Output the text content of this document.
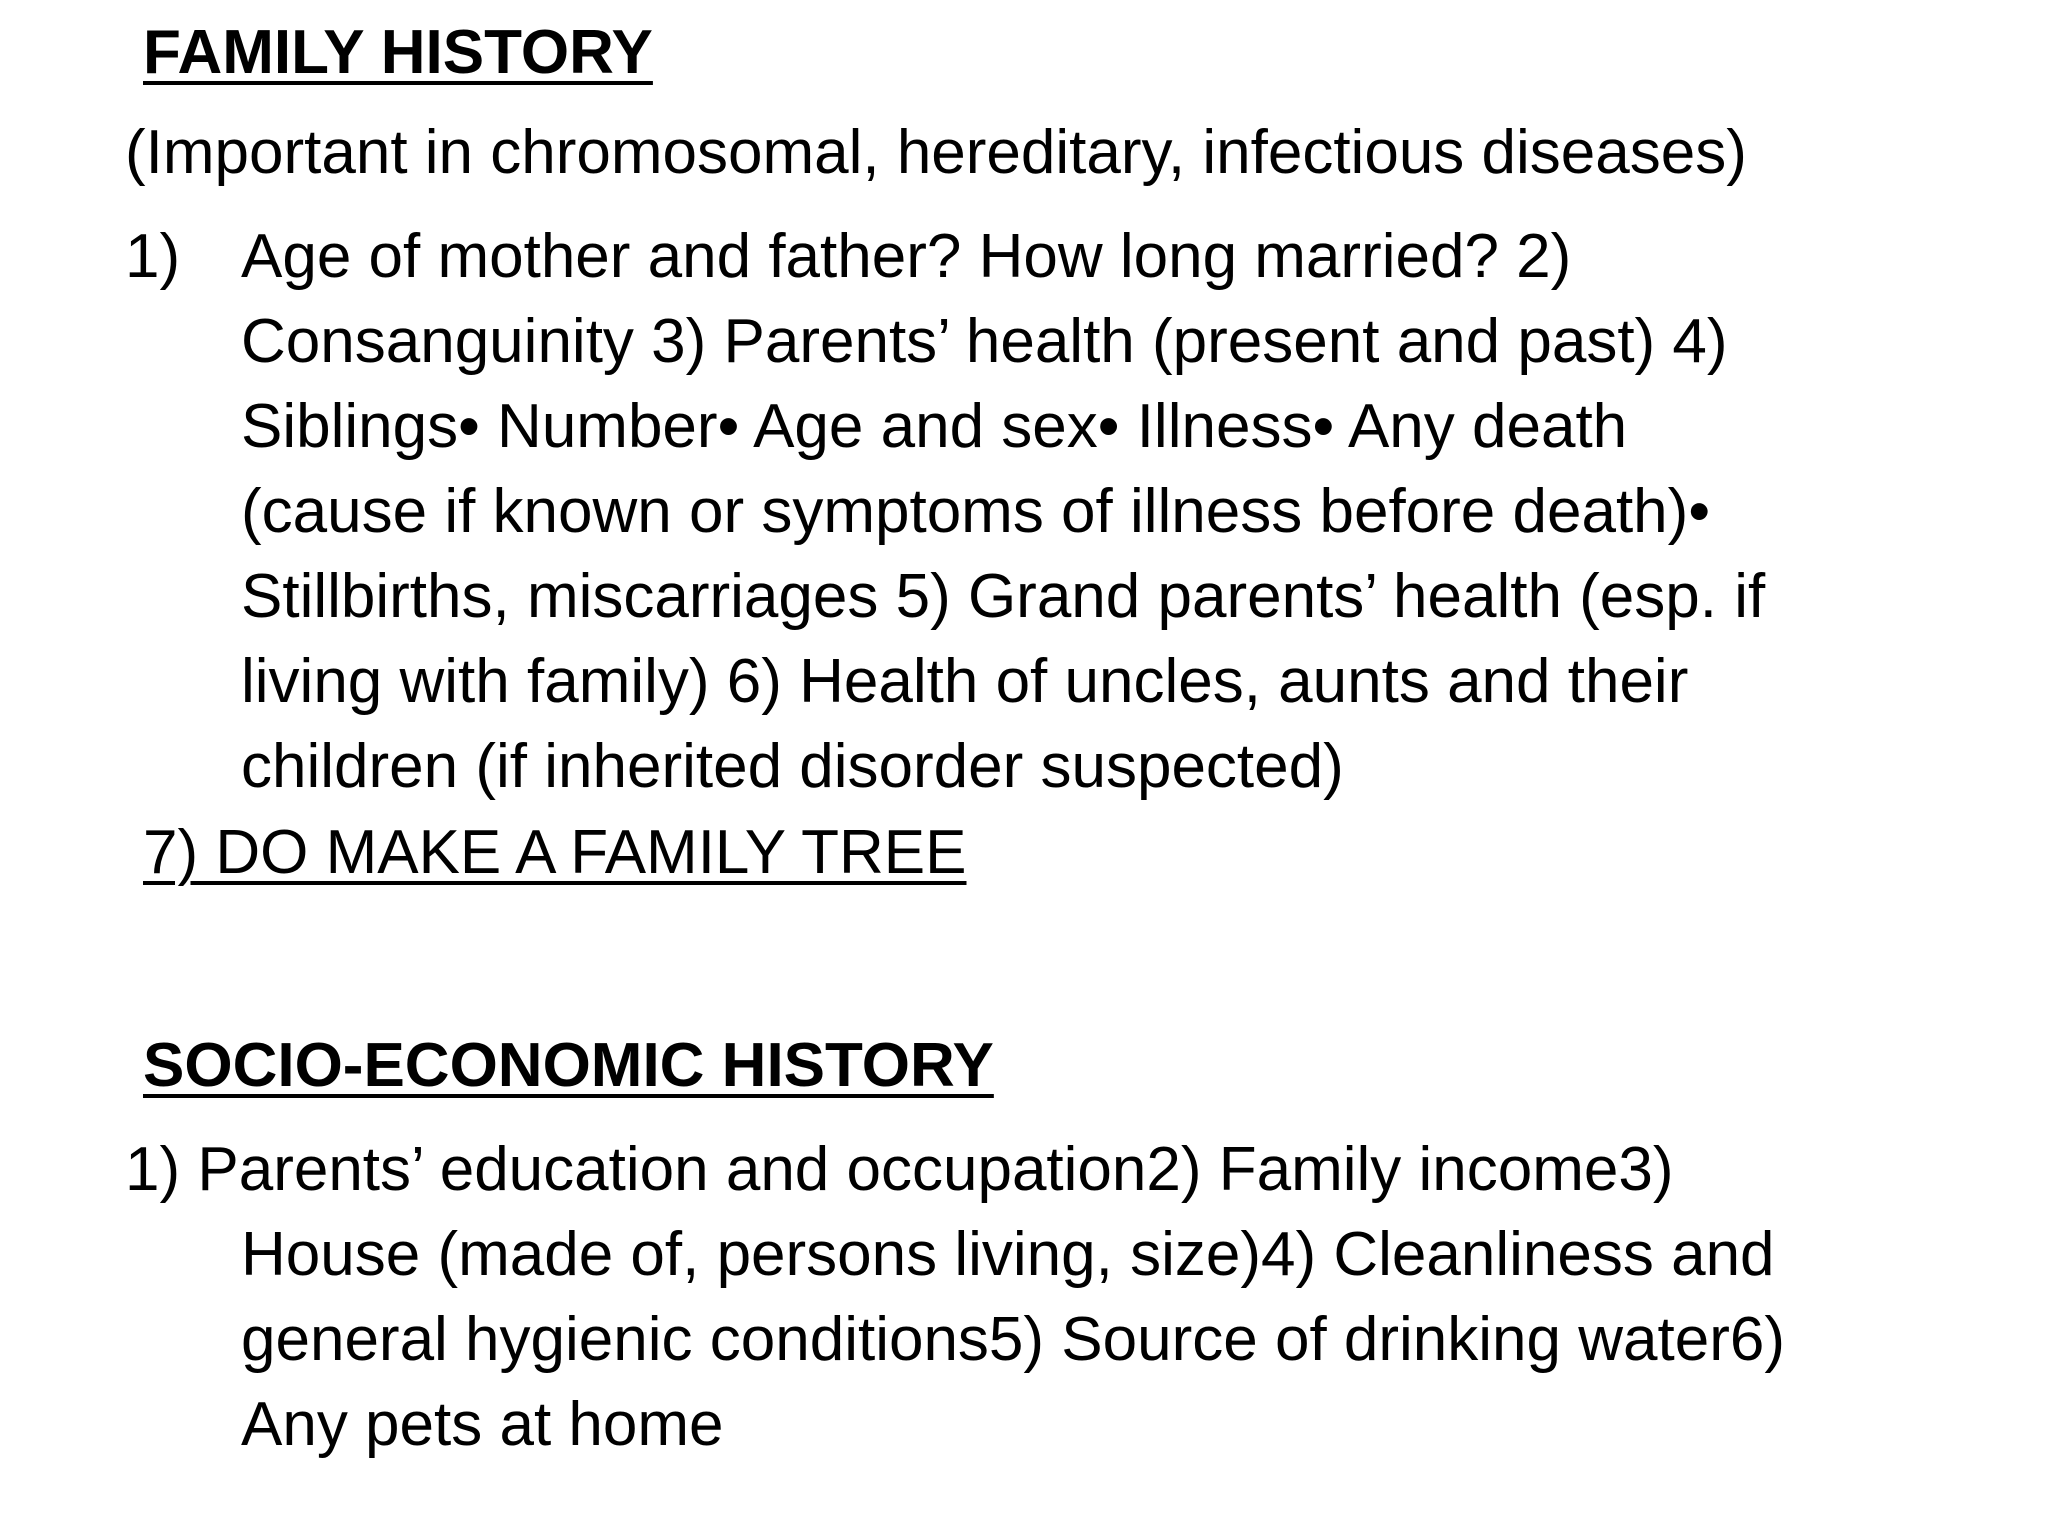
FAMILY HISTORY
(Important in chromosomal, hereditary, infectious diseases)
1) Age of mother and father? How long married? 2)
Consanguinity 3) Parents’ health (present and past) 4)
Siblings• Number• Age and sex• Illness• Any death
(cause if known or symptoms of illness before death)•
Stillbirths, miscarriages 5) Grand parents’ health (esp. if
living with family) 6) Health of uncles, aunts and their
children (if inherited disorder suspected)
7) DO MAKE A FAMILY TREE
SOCIO-ECONOMIC HISTORY
1) Parents’ education and occupation2) Family income3)
House (made of, persons living, size)4) Cleanliness and
general hygienic conditions5) Source of drinking water6)
Any pets at home
